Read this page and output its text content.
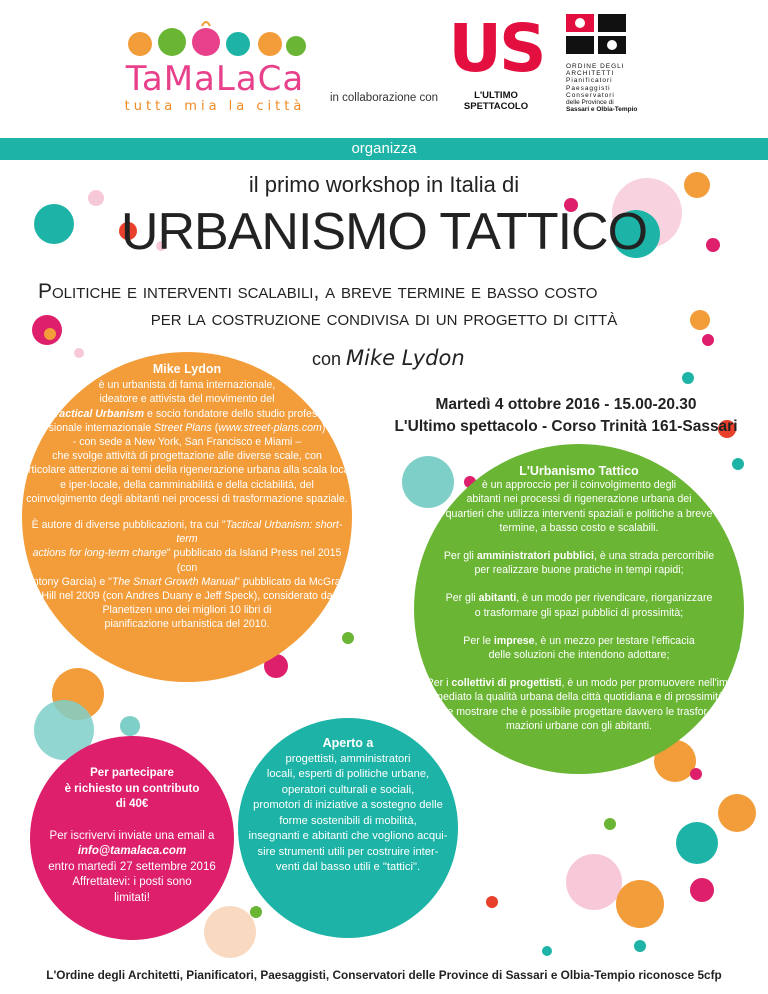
TaMaLaCa
tutta mia la città
in collaborazione con
US
L'ULTIMO SPETTACOLO
ORDINE DEGLI
ARCHITETTI
Pianificatori
Paesaggisti
Conservatori
delle Province di
Sassari e Olbia-Tempio
organizza
il primo workshop in Italia di
URBANISMO TATTICO
Politiche e interventi scalabili, a breve termine e basso costo
per la costruzione condivisa di un progetto di città
con Mike Lydon
Martedì 4 ottobre 2016 - 15.00-20.30
L'Ultimo spettacolo - Corso Trinità 161-Sassari
Mike Lydon
è un urbanista di fama internazionale,
ideatore e attivista del movimento del
Tactical Urbanism e socio fondatore dello studio profes-
sionale internazionale Street Plans (www.street-plans.com)
- con sede a New York, San Francisco e Miami –
che svolge attività di progettazione alle diverse scale, con
particolare attenzione ai temi della rigenerazione urbana alla scala locale
e iper-locale, della camminabilità e della ciclabilità, del
coinvolgimento degli abitanti nei processi di trasformazione spaziale.
È autore di diverse pubblicazioni, tra cui "Tactical Urbanism: short-term
actions for long-term change" pubblicato da Island Press nel 2015 (con
Antony Garcia) e "The Smart Growth Manual" pubblicato da McGraw
Hill nel 2009 (con Andres Duany e Jeff Speck), considerato da
Planetizen uno dei migliori 10 libri di
pianificazione urbanistica del 2010.
L'Urbanismo Tattico
è un approccio per il coinvolgimento degli
abitanti nei processi di rigenerazione urbana dei
quartieri che utilizza interventi spaziali e politiche a breve
termine, a basso costo e scalabili.
Per gli amministratori pubblici, è una strada percorribile
per realizzare buone pratiche in tempi rapidi;
Per gli abitanti, è un modo per rivendicare, riorganizzare
o trasformare gli spazi pubblici di prossimità;
Per le imprese, è un mezzo per testare l'efficacia
delle soluzioni che intendono adottare;
Per i collettivi di progettisti, è un modo per promuovere nell'im-
mediato la qualità urbana della città quotidiana e di prossimità
e mostrare che è possibile progettare davvero le trasfor-
mazioni urbane con gli abitanti.
Aperto a
progettisti, amministratori
locali, esperti di politiche urbane,
operatori culturali e sociali,
promotori di iniziative a sostegno delle
forme sostenibili di mobilità,
insegnanti e abitanti che vogliono acqui-
sire strumenti utili per costruire inter-
venti dal basso utili e "tattici".
Per partecipare
è richiesto un contributo
di 40€
Per iscrivervi inviate una email a
info@tamalaca.com
entro martedì 27 settembre 2016
Affrettatevi: i posti sono
limitati!
L'Ordine degli Architetti, Pianificatori, Paesaggisti, Conservatori delle Province di Sassari e Olbia-Tempio riconosce 5cfp
